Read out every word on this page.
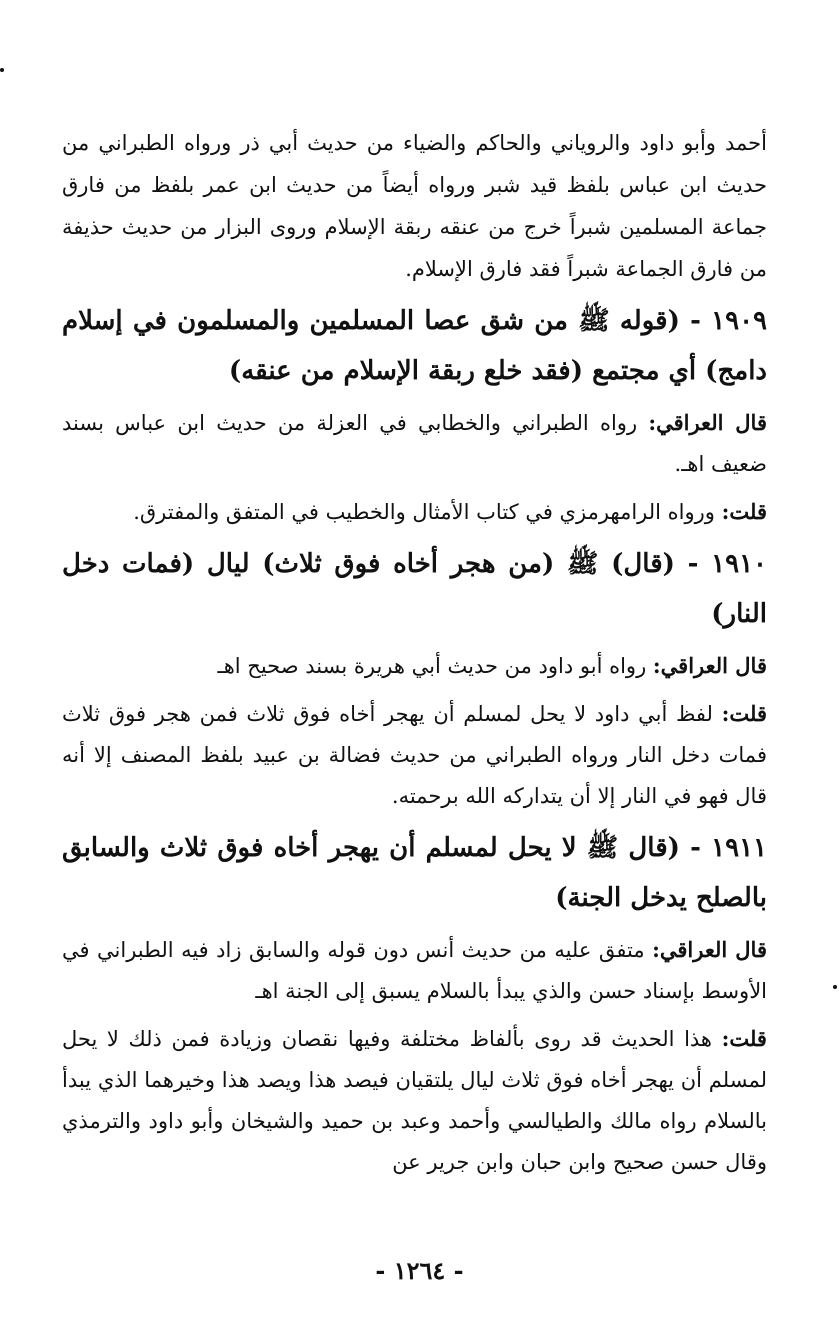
أحمد وأبو داود والروياني والحاكم والضياء من حديث أبي ذر ورواه الطبراني من حديث ابن عباس بلفظ قيد شبر ورواه أيضاً من حديث ابن عمر بلفظ من فارق جماعة المسلمين شبراً خرج من عنقه ربقة الإسلام وروى البزار من حديث حذيفة من فارق الجماعة شبراً فقد فارق الإسلام.

١٩٠٩ - (قوله ﷺ من شق عصا المسلمين والمسلمون في إسلام دامج) أي مجتمع (فقد خلع ربقة الإسلام من عنقه)

قال العراقي: رواه الطبراني والخطابي في العزلة من حديث ابن عباس بسند ضعيف اهـ.

قلت: ورواه الرامهرمزي في كتاب الأمثال والخطيب في المتفق والمفترق.

١٩١٠ - (قال) ﷺ (من هجر أخاه فوق ثلاث) ليال (فمات دخل النار)

قال العراقي: رواه أبو داود من حديث أبي هريرة بسند صحيح اهـ

قلت: لفظ أبي داود لا يحل لمسلم أن يهجر أخاه فوق ثلاث فمن هجر فوق ثلاث فمات دخل النار ورواه الطبراني من حديث فضالة بن عبيد بلفظ المصنف إلا أنه قال فهو في النار إلا أن يتداركه الله برحمته.

١٩١١ - (قال ﷺ لا يحل لمسلم أن يهجر أخاه فوق ثلاث والسابق بالصلح يدخل الجنة)

قال العراقي: متفق عليه من حديث أنس دون قوله والسابق زاد فيه الطبراني في الأوسط بإسناد حسن والذي يبدأ بالسلام يسبق إلى الجنة اهـ

قلت: هذا الحديث قد روى بألفاظ مختلفة وفيها نقصان وزيادة فمن ذلك لا يحل لمسلم أن يهجر أخاه فوق ثلاث ليال يلتقيان فيصد هذا ويصد هذا وخيرهما الذي يبدأ بالسلام رواه مالك والطيالسي وأحمد وعبد بن حميد والشيخان وأبو داود والترمذي وقال حسن صحيح وابن حبان وابن جرير عن

- ١٢٦٤ -
